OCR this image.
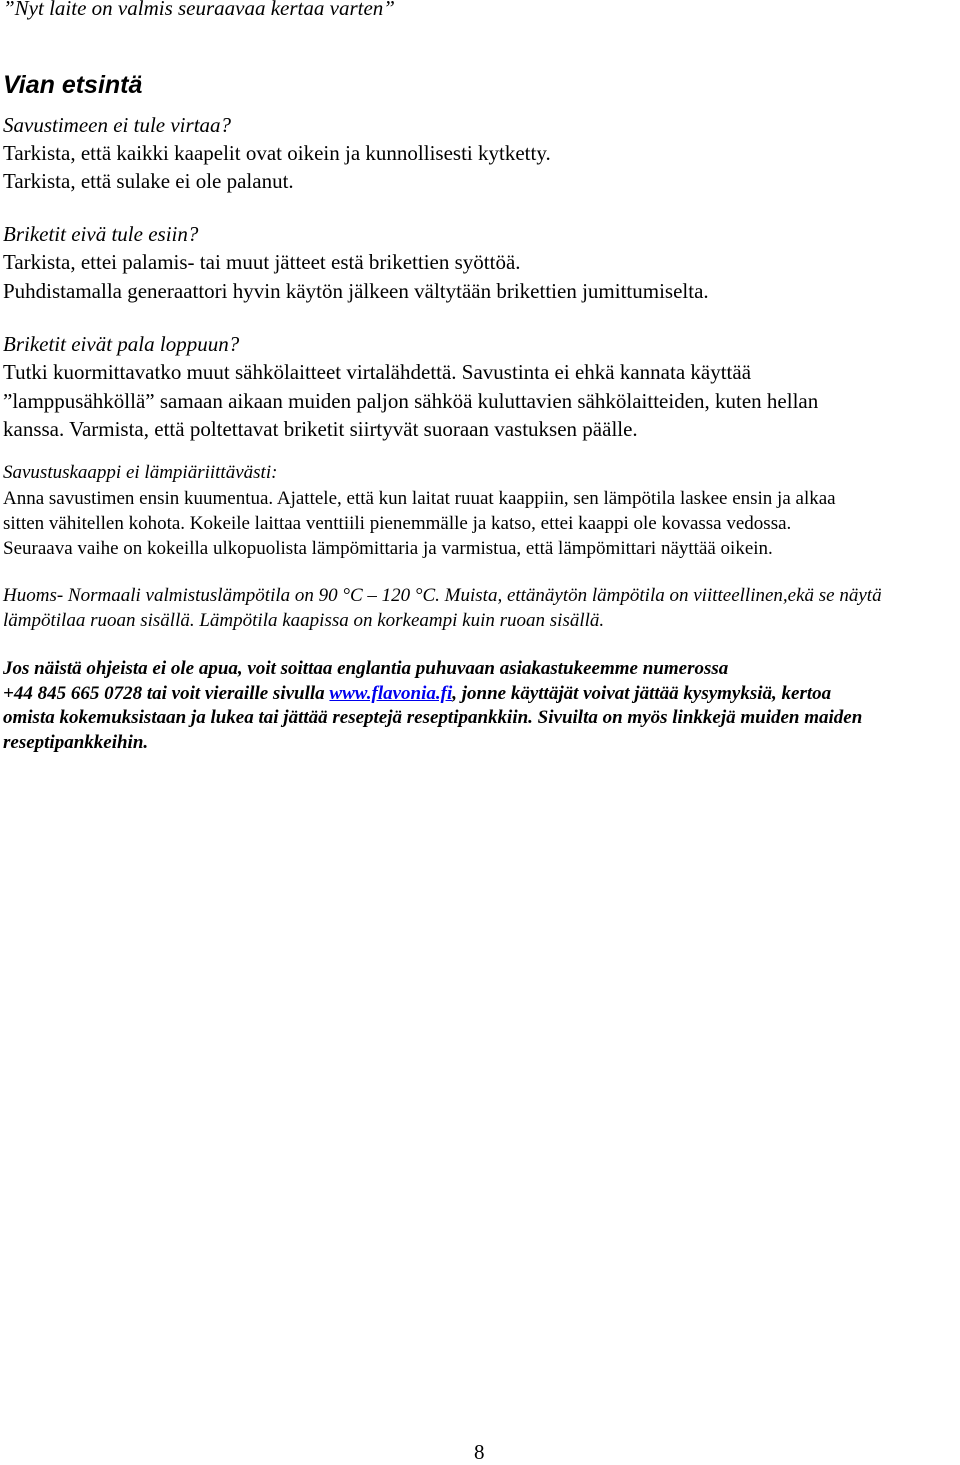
”Nyt laite on valmis seuraavaa kertaa varten”

Vian etsintä

Savustimeen ei tule virtaa?

Tarkista, että kaikki kaapelit ovat oikein ja kunnollisesti kytketty.

Tarkista, että sulake ei ole palanut.

Briketit eivä tule esiin?

Tarkista, ettei palamis- tai muut jätteet estä brikettien syöttöä.

Puhdistamalla generaattori hyvin käytön jälkeen vältytään brikettien jumittumiselta.

Briketit eivät pala loppuun?

Tutki kuormittavatko muut sähkölaitteet virtalähdettä. Savustinta ei ehkä kannata käyttää

”lamppusähköllä” samaan aikaan muiden paljon sähköä kuluttavien sähkölaitteiden, kuten hellan

kanssa. Varmista, että poltettavat briketit siirtyvät suoraan vastuksen päälle.

Savustuskaappi ei lämpiäriittävästi:

Anna savustimen ensin kuumentua. Ajattele, että kun laitat ruuat kaappiin, sen lämpötila laskee ensin ja alkaa

sitten vähitellen kohota. Kokeile laittaa venttiili pienemmälle ja katso, ettei kaappi ole kovassa vedossa.

Seuraava vaihe on kokeilla ulkopuolista lämpömittaria ja varmistua, että lämpömittari näyttää oikein.

Huoms- Normaali valmistuslämpötila on 90 °C – 120 °C. Muista, ettänäytön lämpötila on viitteellinen,ekä se näytä

lämpötilaa ruoan sisällä. Lämpötila kaapissa on korkeampi kuin ruoan sisällä.

Jos näistä ohjeista ei ole apua, voit soittaa englantia puhuvaan asiakastukeemme numerossa

+44 845 665 0728 tai voit vieraille sivulla www.flavonia.fi, jonne käyttäjät voivat jättää kysymyksiä, kertoa

omista kokemuksistaan ja lukea tai jättää reseptejä reseptipankkiin. Sivuilta on myös linkkejä muiden maiden

reseptipankkeihin.

8
